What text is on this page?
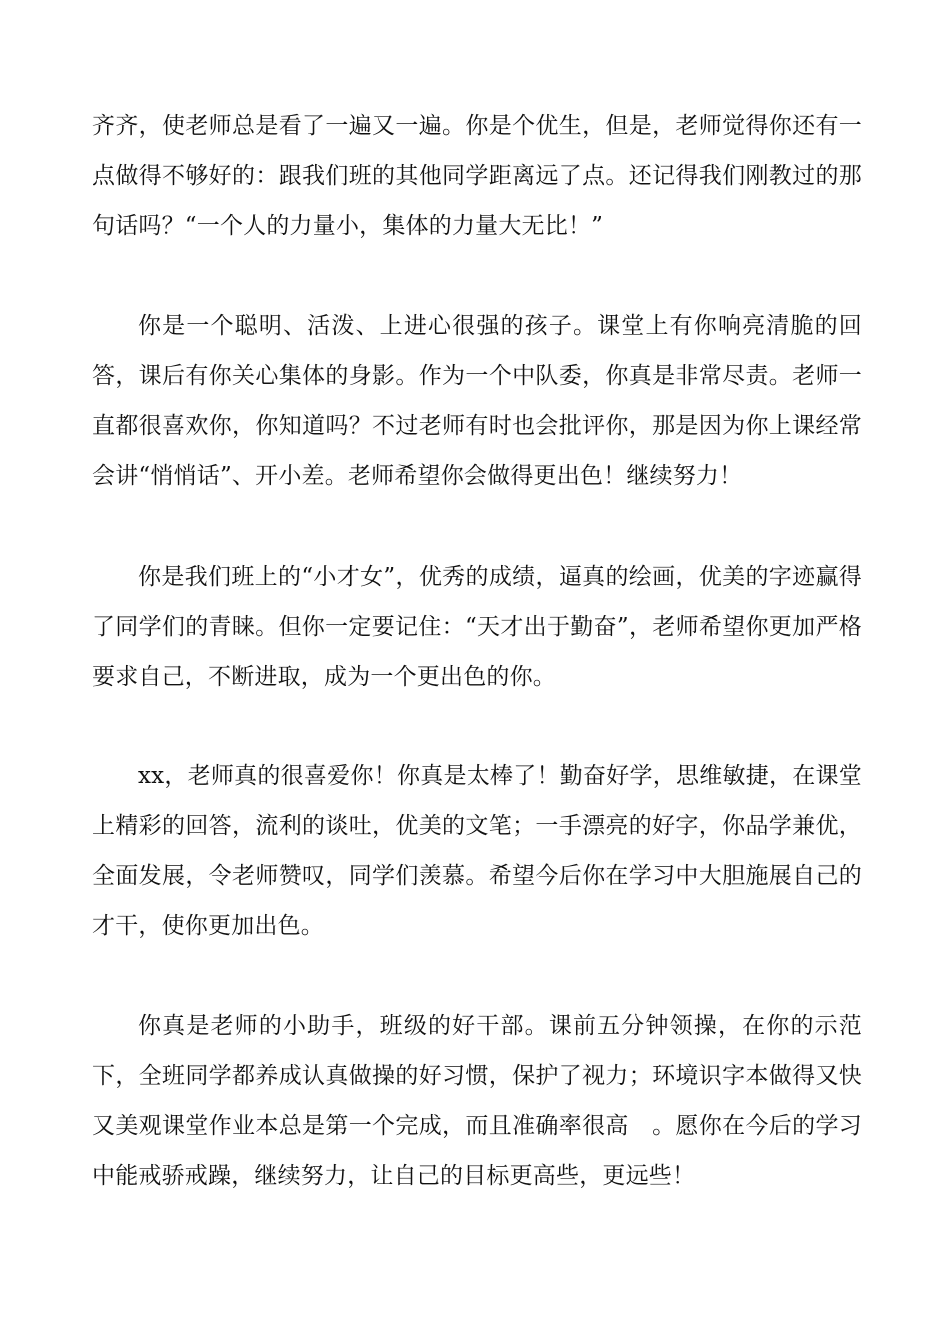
齐齐，使老师总是看了一遍又一遍。你是个优生，但是，老师觉得你还有一点做得不够好的：跟我们班的其他同学距离远了点。还记得我们刚教过的那句话吗？“一个人的力量小，集体的力量大无比！”

你是一个聪明、活泼、上进心很强的孩子。课堂上有你响亮清脆的回答，课后有你关心集体的身影。作为一个中队委，你真是非常尽责。老师一直都很喜欢你，你知道吗？不过老师有时也会批评你，那是因为你上课经常会讲“悄悄话”、开小差。老师希望你会做得更出色！继续努力！

你是我们班上的“小才女”，优秀的成绩，逼真的绘画，优美的字迹赢得了同学们的青睐。但你一定要记住：“天才出于勤奋”，老师希望你更加严格要求自己，不断进取，成为一个更出色的你。

xx，老师真的很喜爱你！你真是太棒了！勤奋好学，思维敏捷，在课堂上精彩的回答，流利的谈吐，优美的文笔；一手漂亮的好字，你品学兼优，全面发展，令老师赞叹，同学们羡慕。希望今后你在学习中大胆施展自己的才干，使你更加出色。

你真是老师的小助手，班级的好干部。课前五分钟领操，在你的示范下，全班同学都养成认真做操的好习惯，保护了视力；环境识字本做得又快又美观课堂作业本总是第一个完成，而且准确率很高　。愿你在今后的学习中能戒骄戒躁，继续努力，让自己的目标更高些，更远些！
